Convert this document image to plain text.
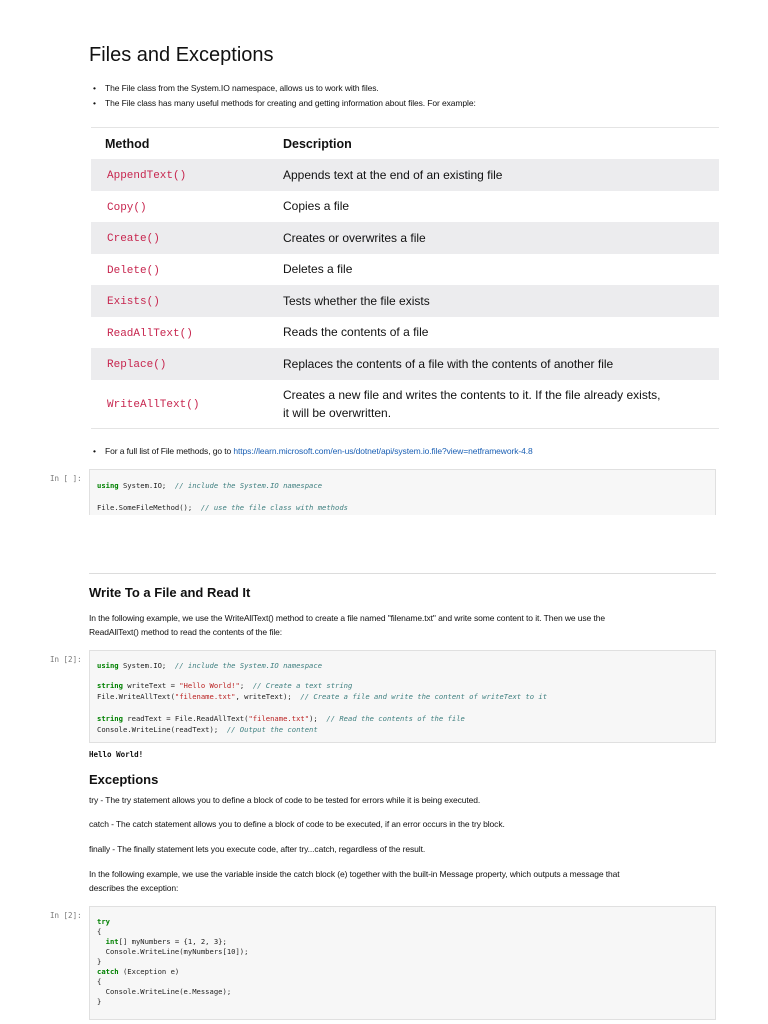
Files and Exceptions
• The File class from the System.IO namespace, allows us to work with files.
• The File class has many useful methods for creating and getting information about files. For example:
Method	Description
AppendText()	Appends text at the end of an existing file
Copy()	Copies a file
Create()	Creates or overwrites a file
Delete()	Deletes a file
Exists()	Tests whether the file exists
ReadAllText()	Reads the contents of a file
Replace()	Replaces the contents of a file with the contents of another file
WriteAllText()	Creates a new file and writes the contents to it. If the file already exists,
it will be overwritten.
• For a full list of File methods, go to https://learn.microsoft.com/en-us/dotnet/api/system.io.file?view=netframework-4.8
In [ ]:
using System.IO;  // include the System.IO namespace
File.SomeFileMethod();  // use the file class with methods
Write To a File and Read It
In the following example, we use the WriteAllText() method to create a file named "filename.txt" and write some content to it. Then we use the
ReadAllText() method to read the contents of the file:
In [2]:
using System.IO;  // include the System.IO namespace
string writeText = "Hello World!";  // Create a text string
File.WriteAllText("filename.txt", writeText);  // Create a file and write the content of writeText to it
string readText = File.ReadAllText("filename.txt");  // Read the contents of the file
Console.WriteLine(readText);  // Output the content
Hello World!
Exceptions
try - The try statement allows you to define a block of code to be tested for errors while it is being executed.
catch - The catch statement allows you to define a block of code to be executed, if an error occurs in the try block.
finally - The finally statement lets you execute code, after try...catch, regardless of the result.
In the following example, we use the variable inside the catch block (e) together with the built-in Message property, which outputs a message that
describes the exception:
In [2]:
try
{
int[] myNumbers = {1, 2, 3};
Console.WriteLine(myNumbers[10]);
}
catch (Exception e)
{
Console.WriteLine(e.Message);
}
